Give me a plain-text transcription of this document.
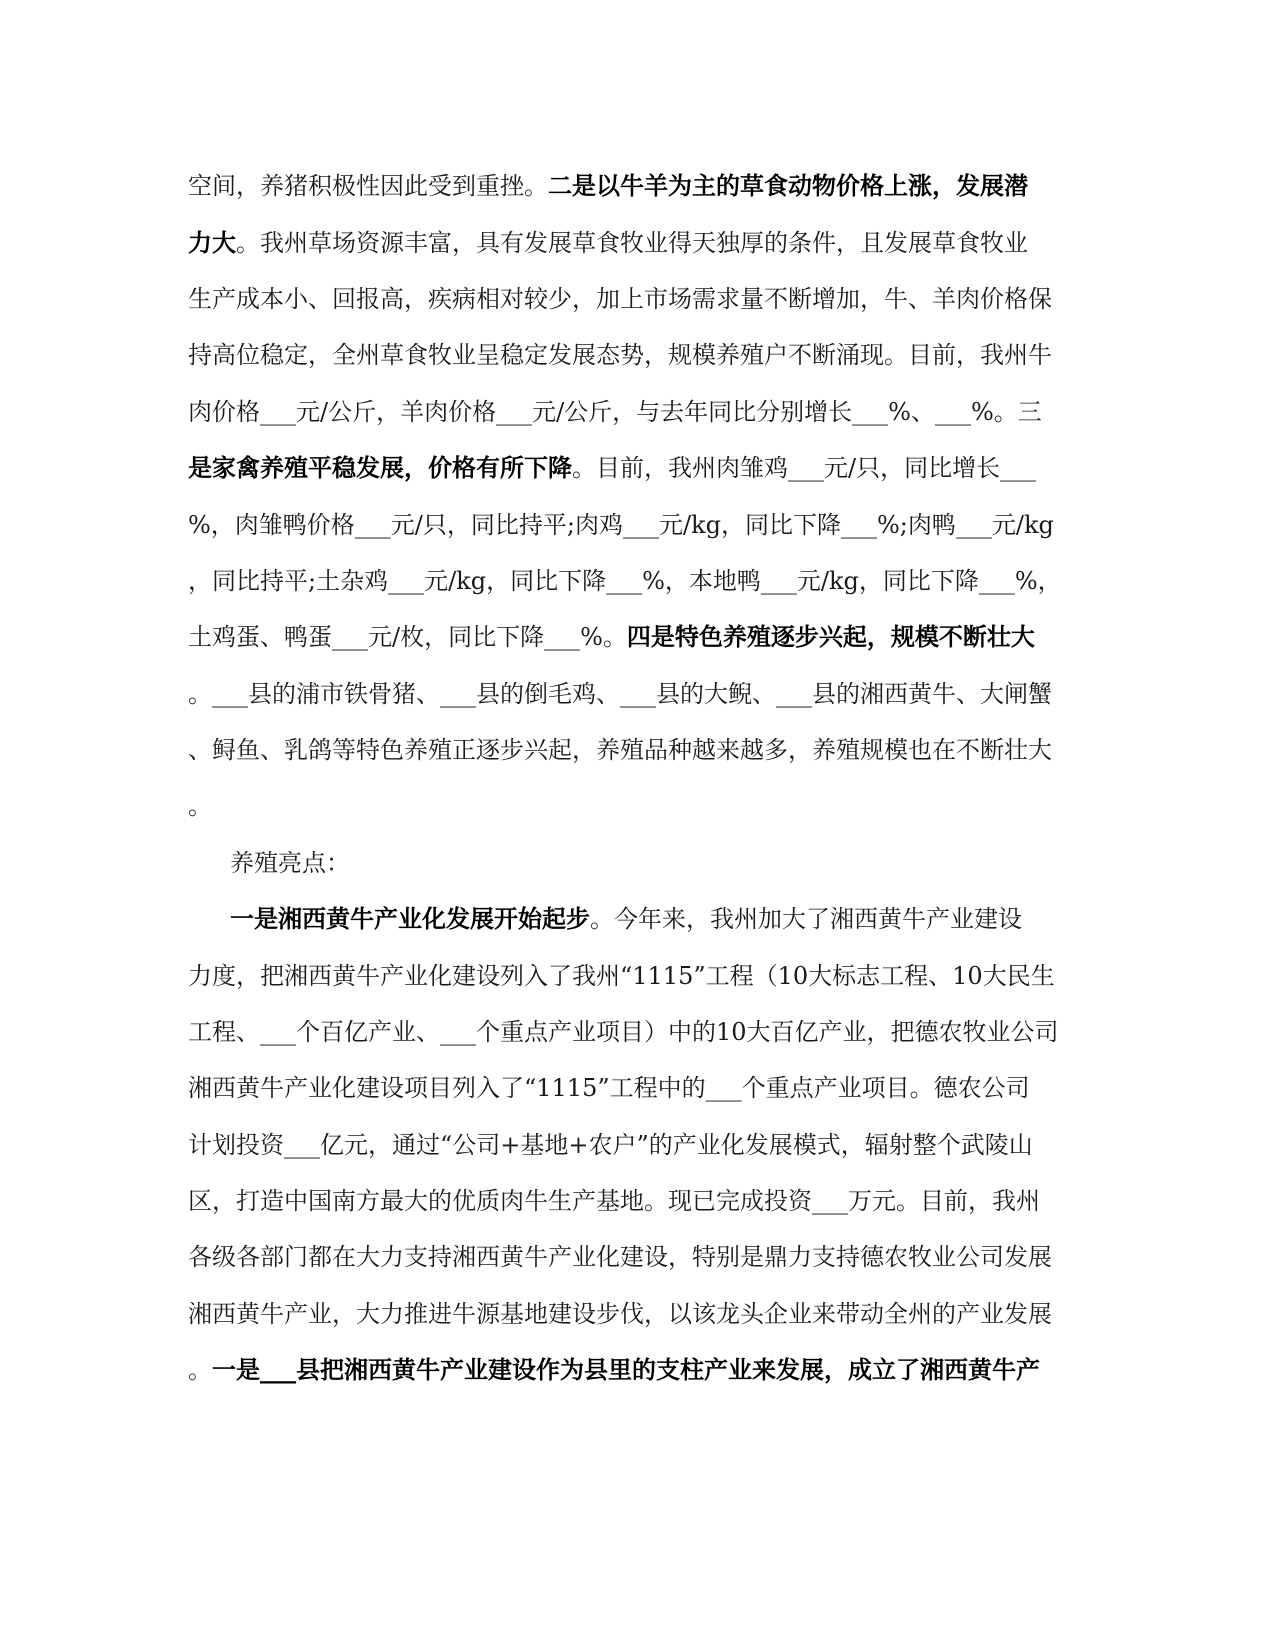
空间，养猪积极性因此受到重挫。二是以牛羊为主的草食动物价格上涨，发展潜
力大。我州草场资源丰富，具有发展草食牧业得天独厚的条件，且发展草食牧业
生产成本小、回报高，疾病相对较少，加上市场需求量不断增加，牛、羊肉价格保
持高位稳定，全州草食牧业呈稳定发展态势，规模养殖户不断涌现。目前，我州牛
肉价格___元/公斤，羊肉价格___元/公斤，与去年同比分别增长___%、___%。三
是家禽养殖平稳发展，价格有所下降。目前，我州肉雏鸡___元/只，同比增长___
%，肉雏鸭价格___元/只，同比持平;肉鸡___元/kg，同比下降___%;肉鸭___元/kg
，同比持平;土杂鸡___元/kg，同比下降___%，本地鸭___元/kg，同比下降___%，
土鸡蛋、鸭蛋___元/枚，同比下降___%。四是特色养殖逐步兴起，规模不断壮大
。___县的浦市铁骨猪、___县的倒毛鸡、___县的大鲵、___县的湘西黄牛、大闸蟹
、鲟鱼、乳鸽等特色养殖正逐步兴起，养殖品种越来越多，养殖规模也在不断壮大
。
养殖亮点：
一是湘西黄牛产业化发展开始起步。今年来，我州加大了湘西黄牛产业建设
力度，把湘西黄牛产业化建设列入了我州“1115”工程（10大标志工程、10大民生
工程、___个百亿产业、___个重点产业项目）中的10大百亿产业，把德农牧业公司
湘西黄牛产业化建设项目列入了“1115”工程中的___个重点产业项目。德农公司
计划投资___亿元，通过“公司+基地+农户”的产业化发展模式，辐射整个武陵山
区，打造中国南方最大的优质肉牛生产基地。现已完成投资___万元。目前，我州
各级各部门都在大力支持湘西黄牛产业化建设，特别是鼎力支持德农牧业公司发展
湘西黄牛产业，大力推进牛源基地建设步伐，以该龙头企业来带动全州的产业发展
。一是___县把湘西黄牛产业建设作为县里的支柱产业来发展，成立了湘西黄牛产
